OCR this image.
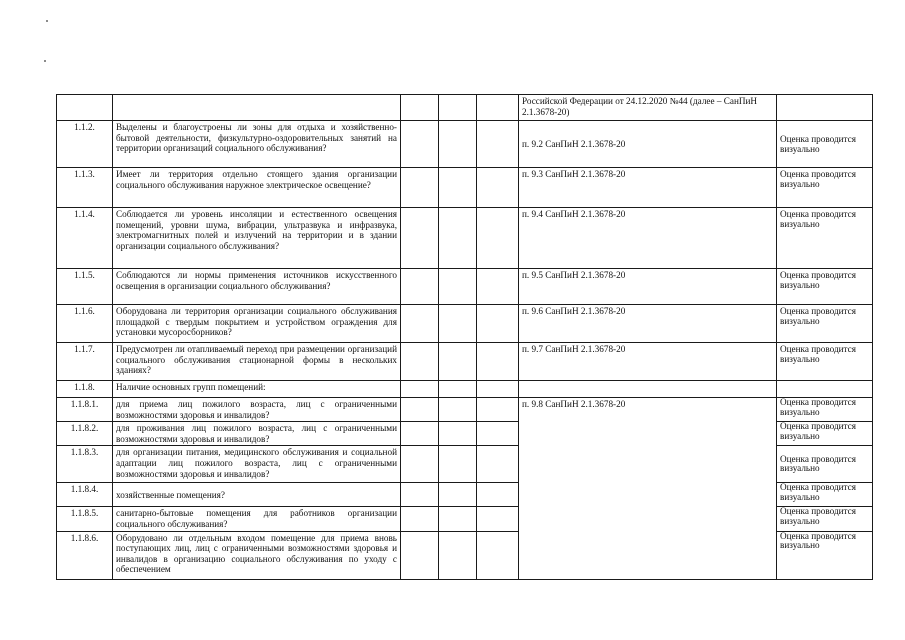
					Российской Федерации от 24.12.2020 №44 (далее – СанПиН 2.1.3678-20)	
1.1.2.	Выделены и благоустроены ли зоны для отдыха и хозяйственно-бытовой деятельности, физкультурно-оздоровительных занятий на территории организаций социального обслуживания?				п. 9.2 СанПиН 2.1.3678-20	Оценка проводится визуально
1.1.3.	Имеет ли территория отдельно стоящего здания организации социального обслуживания наружное электрическое освещение?				п. 9.3 СанПиН 2.1.3678-20	Оценка проводится визуально
1.1.4.	Соблюдается ли уровень инсоляции и естественного освещения помещений, уровни шума, вибрации, ультразвука и инфразвука, электромагнитных полей и излучений на территории и в здании организации социального обслуживания?				п. 9.4 СанПиН 2.1.3678-20	Оценка проводится визуально
1.1.5.	Соблюдаются ли нормы применения источников искусственного освещения в организации социального обслуживания?				п. 9.5 СанПиН 2.1.3678-20	Оценка проводится визуально
1.1.6.	Оборудована ли территория организации социального обслуживания площадкой с твердым покрытием и устройством ограждения для установки мусоросборников?				п. 9.6 СанПиН 2.1.3678-20	Оценка проводится визуально
1.1.7.	Предусмотрен ли отапливаемый переход при размещении организаций социального обслуживания стационарной формы в нескольких зданиях?				п. 9.7 СанПиН 2.1.3678-20	Оценка проводится визуально
1.1.8.	Наличие основных групп помещений:					
1.1.8.1.	для приема лиц пожилого возраста, лиц с ограниченными возможностями здоровья и инвалидов?				п. 9.8 СанПиН 2.1.3678-20	Оценка проводится визуально
1.1.8.2.	для проживания лиц пожилого возраста, лиц с ограниченными возможностями здоровья и инвалидов?					Оценка проводится визуально
1.1.8.3.	для организации питания, медицинского обслуживания и социальной адаптации лиц пожилого возраста, лиц с ограниченными возможностями здоровья и инвалидов?					Оценка проводится визуально
1.1.8.4.	хозяйственные помещения?					Оценка проводится визуально
1.1.8.5.	санитарно-бытовые помещения для работников организации социального обслуживания?					Оценка проводится визуально
1.1.8.6.	Оборудовано ли отдельным входом помещение для приема вновь поступающих лиц, лиц с ограниченными возможностями здоровья и инвалидов в организацию социального обслуживания по уходу с обеспечением					Оценка проводится визуально
